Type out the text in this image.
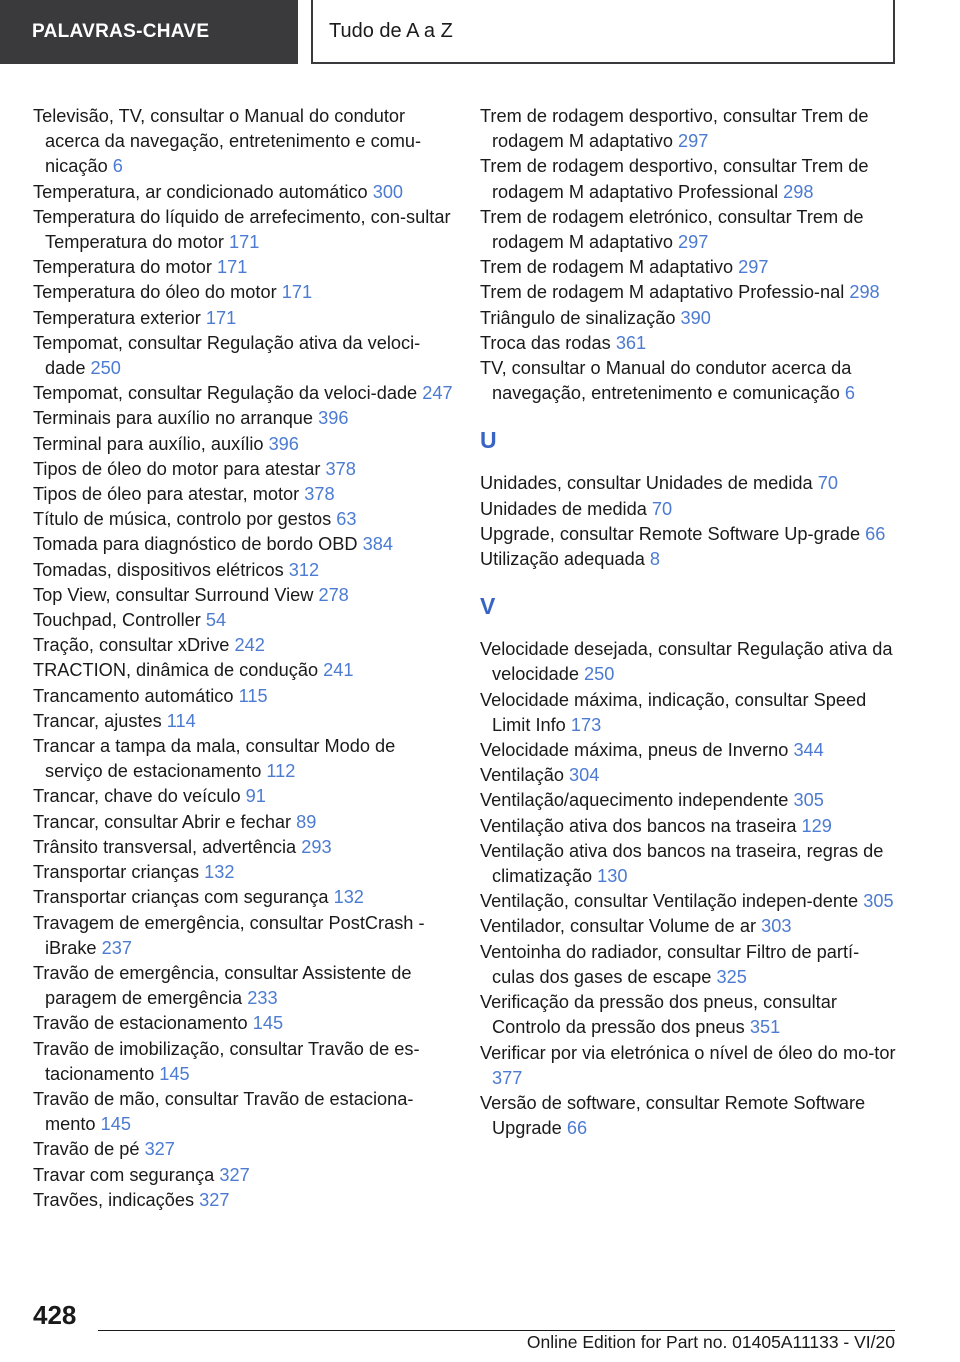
PALAVRAS-CHAVE	Tudo de A a Z
Televisão, TV, consultar o Manual do condutor acerca da navegação, entretenimento e comu‐nicação 6
Temperatura, ar condicionado automático 300
Temperatura do líquido de arrefecimento, con‐sultar Temperatura do motor 171
Temperatura do motor 171
Temperatura do óleo do motor 171
Temperatura exterior 171
Tempomat, consultar Regulação ativa da veloci‐dade 250
Tempomat, consultar Regulação da veloci‐dade 247
Terminais para auxílio no arranque 396
Terminal para auxílio, auxílio 396
Tipos de óleo do motor para atestar 378
Tipos de óleo para atestar, motor 378
Título de música, controlo por gestos 63
Tomada para diagnóstico de bordo OBD 384
Tomadas, dispositivos elétricos 312
Top View, consultar Surround View 278
Touchpad, Controller 54
Tração, consultar xDrive 242
TRACTION, dinâmica de condução 241
Trancamento automático 115
Trancar, ajustes 114
Trancar a tampa da mala, consultar Modo de serviço de estacionamento 112
Trancar, chave do veículo 91
Trancar, consultar Abrir e fechar 89
Trânsito transversal, advertência 293
Transportar crianças 132
Transportar crianças com segurança 132
Travagem de emergência, consultar PostCrash - iBrake 237
Travão de emergência, consultar Assistente de paragem de emergência 233
Travão de estacionamento 145
Travão de imobilização, consultar Travão de es‐tacionamento 145
Travão de mão, consultar Travão de estaciona‐mento 145
Travão de pé 327
Travar com segurança 327
Travões, indicações 327
Trem de rodagem desportivo, consultar Trem de rodagem M adaptativo 297
Trem de rodagem desportivo, consultar Trem de rodagem M adaptativo Professional 298
Trem de rodagem eletrónico, consultar Trem de rodagem M adaptativo 297
Trem de rodagem M adaptativo 297
Trem de rodagem M adaptativo Professio‐nal 298
Triângulo de sinalização 390
Troca das rodas 361
TV, consultar o Manual do condutor acerca da navegação, entretenimento e comunicação 6
U
Unidades, consultar Unidades de medida 70
Unidades de medida 70
Upgrade, consultar Remote Software Up‐grade 66
Utilização adequada 8
V
Velocidade desejada, consultar Regulação ativa da velocidade 250
Velocidade máxima, indicação, consultar Speed Limit Info 173
Velocidade máxima, pneus de Inverno 344
Ventilação 304
Ventilação/aquecimento independente 305
Ventilação ativa dos bancos na traseira 129
Ventilação ativa dos bancos na traseira, regras de climatização 130
Ventilação, consultar Ventilação indepen‐dente 305
Ventilador, consultar Volume de ar 303
Ventoinha do radiador, consultar Filtro de partí‐culas dos gases de escape 325
Verificação da pressão dos pneus, consultar Controlo da pressão dos pneus 351
Verificar por via eletrónica o nível de óleo do mo‐tor 377
Versão de software, consultar Remote Software Upgrade 66
428
Online Edition for Part no. 01405A11133 - VI/20
